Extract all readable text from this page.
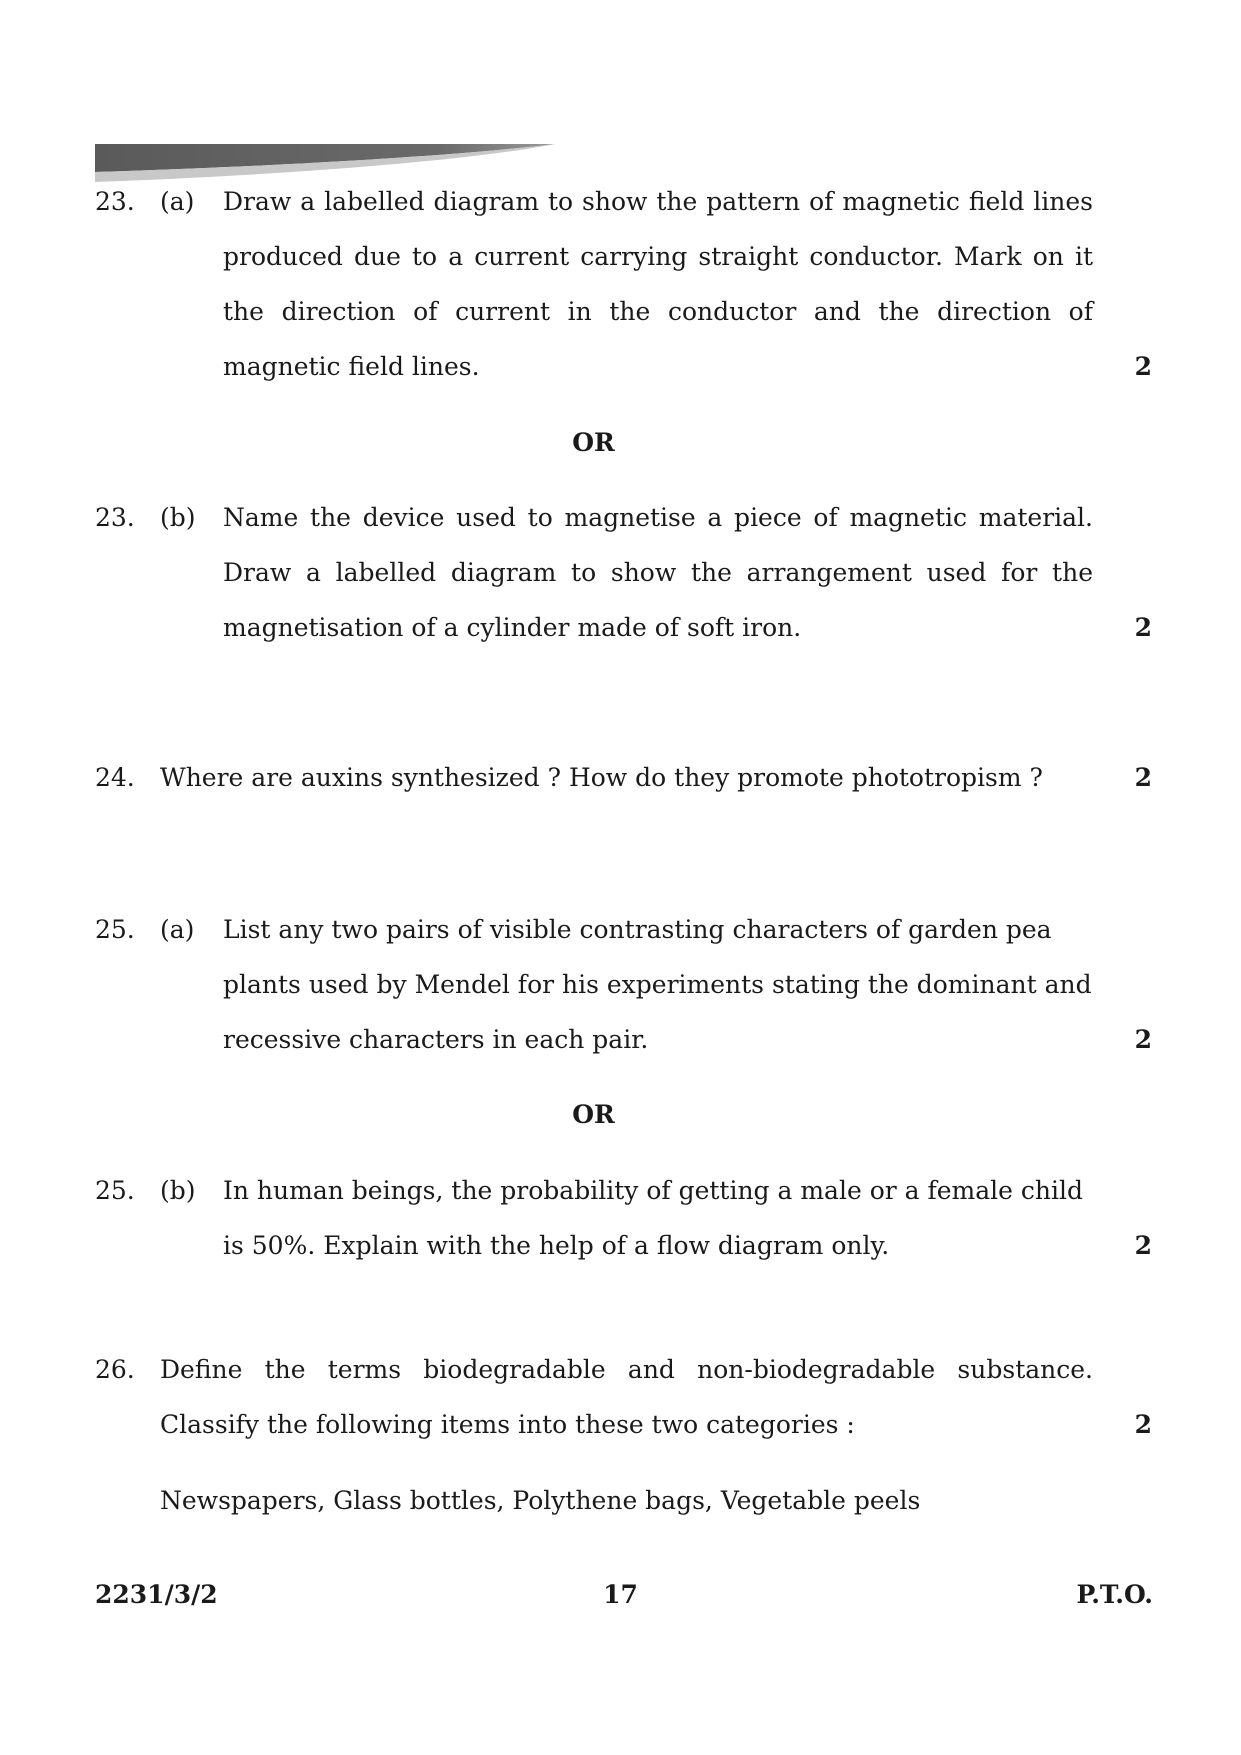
23. (a) Draw a labelled diagram to show the pattern of magnetic field lines
produced due to a current carrying straight conductor. Mark on it
the direction of current in the conductor and the direction of
magnetic field lines.	2
OR
23. (b) Name the device used to magnetise a piece of magnetic material.
Draw a labelled diagram to show the arrangement used for the
magnetisation of a cylinder made of soft iron.	2
24. Where are auxins synthesized ? How do they promote phototropism ?	2
25. (a) List any two pairs of visible contrasting characters of garden pea
plants used by Mendel for his experiments stating the dominant and
recessive characters in each pair.	2
OR
25. (b) In human beings, the probability of getting a male or a female child
is 50%. Explain with the help of a flow diagram only.	2
26. Define the terms biodegradable and non-biodegradable substance.
Classify the following items into these two categories :	2
Newspapers, Glass bottles, Polythene bags, Vegetable peels
2231/3/2	17	P.T.O.
